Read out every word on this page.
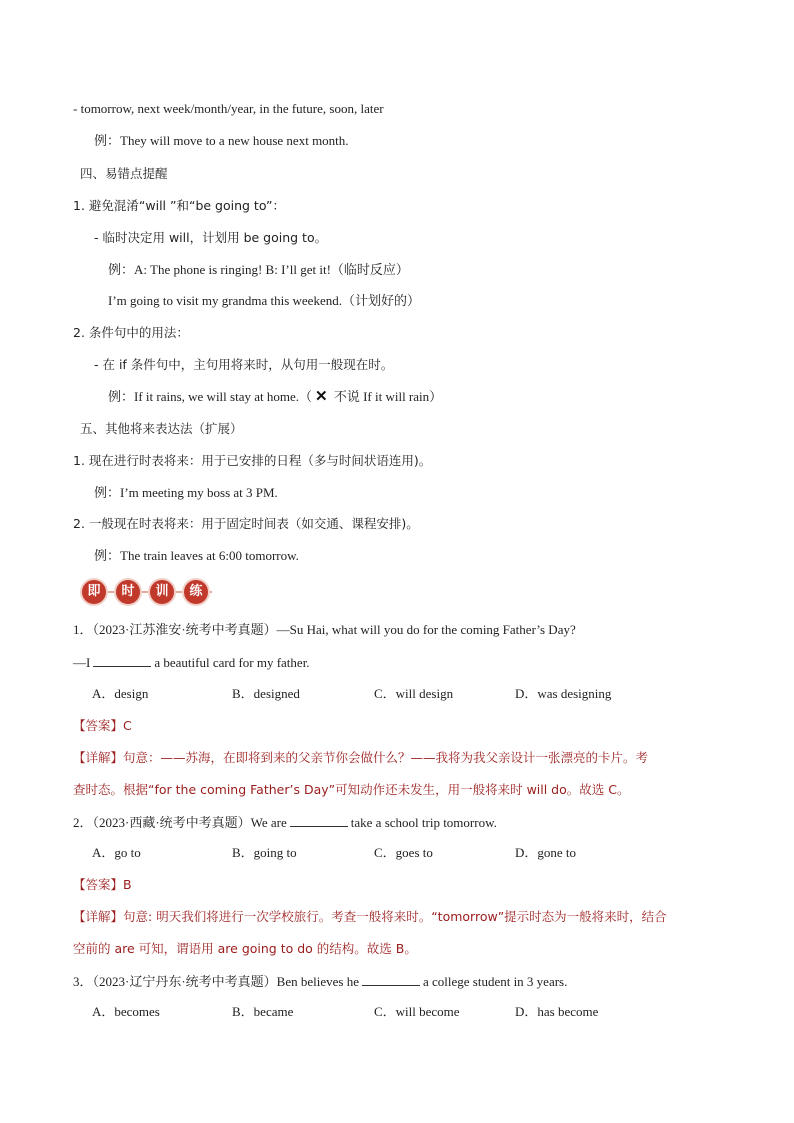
- tomorrow, next week/month/year, in the future, soon, later
例：They will move to a new house next month.
四、易错点提醒
1. 避免混淆“will ”和“be going to”：
- 临时决定用 will，计划用 be going to。
例：A: The phone is ringing! B: I’ll get it!（临时反应）
I’m going to visit my grandma this weekend.（计划好的）
2. 条件句中的用法：
- 在 if 条件句中，主句用将来时，从句用一般现在时。
例：If it rains, we will stay at home.（ ✕ 不说 If it will rain）
五、其他将来表达法（扩展）
1. 现在进行时表将来：用于已安排的日程（多与时间状语连用)。
例：I’m meeting my boss at 3 PM.
2. 一般现在时表将来：用于固定时间表（如交通、课程安排)。
例：The train leaves at 6:00 tomorrow.
即	时	训	练
1．（2023·江苏淮安·统考中考真题）—Su Hai, what will you do for the coming Father’s Day?
—I	a beautiful card for my father.
A．design	B．designed	C．will design	D．was designing
【答案】C
【详解】句意：——苏海，在即将到来的父亲节你会做什么？——我将为我父亲设计一张漂亮的卡片。考
查时态。根据“for the coming Father’s Day”可知动作还未发生，用一般将来时 will do。故选 C。
2．（2023·西藏·统考中考真题）We are	take a school trip tomorrow.
A．go to	B．going to	C．goes to	D．gone to
【答案】B
【详解】句意: 明天我们将进行一次学校旅行。考查一般将来时。“tomorrow”提示时态为一般将来时，结合
空前的 are 可知，谓语用 are going to do 的结构。故选 B。
3．（2023·辽宁丹东·统考中考真题）Ben believes he	a college student in 3 years.
A．becomes	B．became	C．will become	D．has become
